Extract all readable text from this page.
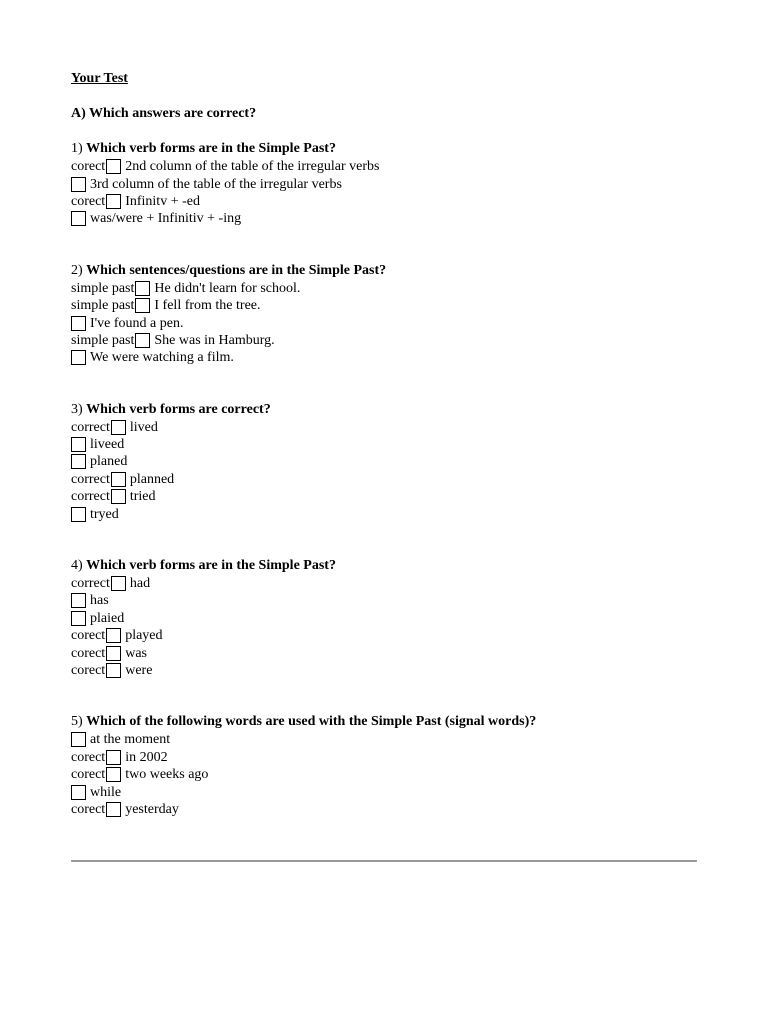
Your Test
A) Which answers are correct?
1) Which verb forms are in the Simple Past?
corect 2nd column of the table of the irregular verbs
3rd column of the table of the irregular verbs
corect Infinitv + -ed
was/were + Infinitiv + -ing
2) Which sentences/questions are in the Simple Past?
simple past He didn't learn for school.
simple past I fell from the tree.
I've found a pen.
simple past She was in Hamburg.
We were watching a film.
3) Which verb forms are correct?
correct lived
liveed
planed
correct planned
correct tried
tryed
4) Which verb forms are in the Simple Past?
correct had
has
plaied
corect played
corect was
corect were
5) Which of the following words are used with the Simple Past (signal words)?
at the moment
corect in 2002
corect two weeks ago
while
corect yesterday
